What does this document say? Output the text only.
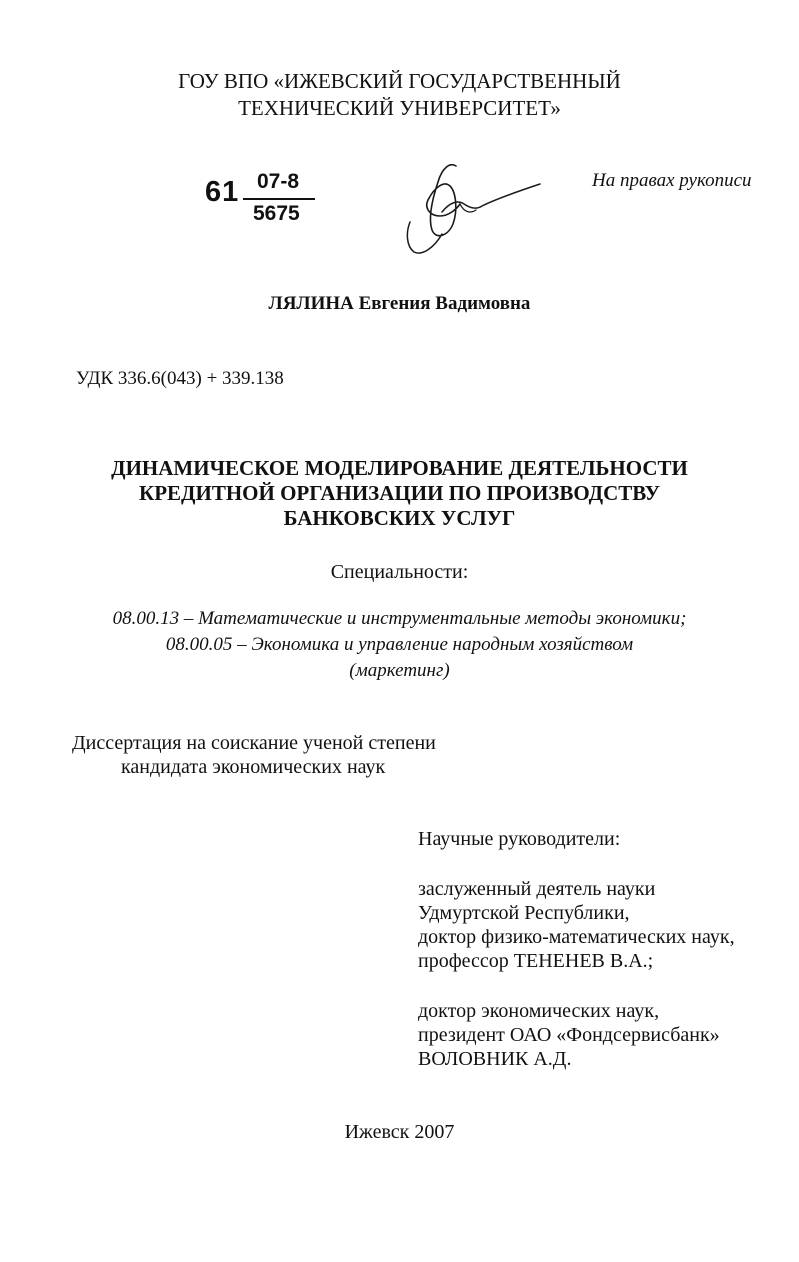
ГОУ ВПО «ИЖЕВСКИЙ ГОСУДАРСТВЕННЫЙ
ТЕХНИЧЕСКИЙ УНИВЕРСИТЕТ»
61 07-8
5675
На правах рукописи
ЛЯЛИНА Евгения Вадимовна
УДК 336.6(043) + 339.138
ДИНАМИЧЕСКОЕ МОДЕЛИРОВАНИЕ ДЕЯТЕЛЬНОСТИ
КРЕДИТНОЙ ОРГАНИЗАЦИИ ПО ПРОИЗВОДСТВУ
БАНКОВСКИХ УСЛУГ
Специальности:
08.00.13 – Математические и инструментальные методы экономики;
08.00.05 – Экономика и управление народным хозяйством
(маркетинг)
Диссертация на соискание ученой степени
кандидата экономических наук
Научные руководители:
заслуженный деятель науки
Удмуртской Республики,
доктор физико-математических наук,
профессор ТЕНЕНЕВ В.А.;
доктор экономических наук,
президент ОАО «Фондсервисбанк»
ВОЛОВНИК А.Д.
Ижевск 2007
